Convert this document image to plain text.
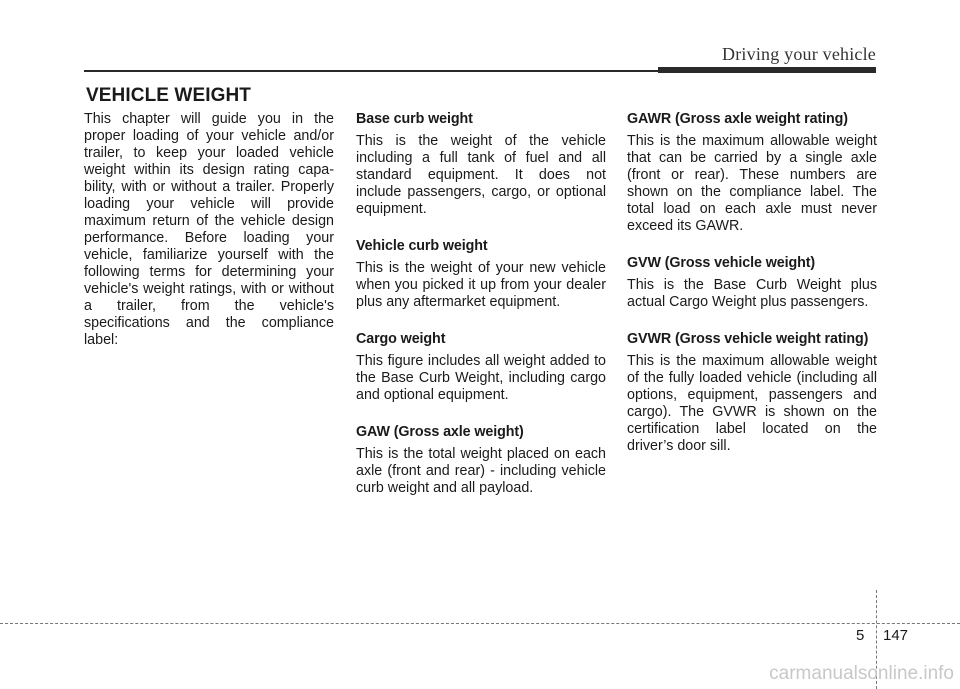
Driving your vehicle
VEHICLE WEIGHT

This chapter will guide you in the proper loading of your vehicle and/or trailer, to keep your loaded vehicle weight within its design rating capability, with or without a trailer. Properly loading your vehicle will provide maximum return of the vehicle design performance. Before loading your vehicle, familiarize yourself with the following terms for determining your vehicle's weight ratings, with or without a trailer, from the vehicle's specifications and the compliance label:

Base curb weight

This is the weight of the vehicle including a full tank of fuel and all standard equipment. It does not include passengers, cargo, or optional equipment.

Vehicle curb weight

This is the weight of your new vehicle when you picked it up from your dealer plus any aftermarket equipment.

Cargo weight

This figure includes all weight added to the Base Curb Weight, including cargo and optional equipment.

GAW (Gross axle weight)

This is the total weight placed on each axle (front and rear) - including vehicle curb weight and all payload.

GAWR (Gross axle weight rating)

This is the maximum allowable weight that can be carried by a single axle (front or rear). These numbers are shown on the compliance label. The total load on each axle must never exceed its GAWR.

GVW (Gross vehicle weight)

This is the Base Curb Weight plus actual Cargo Weight plus passengers.

GVWR (Gross vehicle weight rating)

This is the maximum allowable weight of the fully loaded vehicle (including all options, equipment, passengers and cargo). The GVWR is shown on the certification label located on the driver’s door sill.

5 147
carmanualsonline.info
